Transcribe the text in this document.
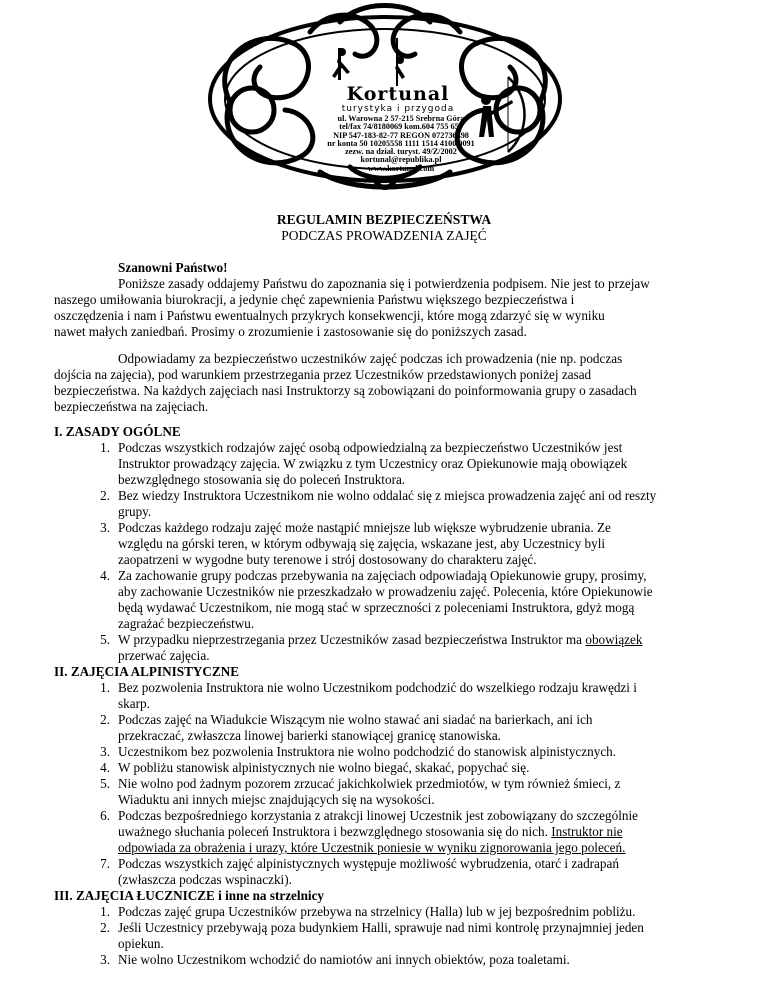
Kortunal
turystyka i przygoda
ul. Warowna 2 57-215 Srebrna Góra
tel/fax 74/8180069 kom.604 755 659
NIP 547-183-82-77 REGON 072736498
nr konta 50 10205558 1111 1514 4100 0091
zezw. na dział. turyst. 49/Z/2002
kortunal@republika.pl
www.kortunal.com
REGULAMIN BEZPIECZEŃSTWA
PODCZAS PROWADZENIA ZAJĘĆ
Szanowni Państwo!
Poniższe zasady oddajemy Państwu do zapoznania się i potwierdzenia podpisem. Nie jest to przejaw
naszego umiłowania biurokracji, a jedynie chęć zapewnienia Państwu większego bezpieczeństwa i
oszczędzenia i nam i Państwu ewentualnych przykrych konsekwencji, które mogą zdarzyć się w wyniku
nawet małych zaniedbań. Prosimy o zrozumienie i zastosowanie się do poniższych zasad.
Odpowiadamy za bezpieczeństwo uczestników zajęć podczas ich prowadzenia (nie np. podczas
dojścia na zajęcia), pod warunkiem przestrzegania przez Uczestników przedstawionych poniżej zasad
bezpieczeństwa. Na każdych zajęciach nasi Instruktorzy są zobowiązani do poinformowania grupy o zasadach
bezpieczeństwa na zajęciach.
I. ZASADY OGÓLNE
1. Podczas wszystkich rodzajów zajęć osobą odpowiedzialną za bezpieczeństwo Uczestników jest
Instruktor prowadzący zajęcia. W związku z tym Uczestnicy oraz Opiekunowie mają obowiązek
bezwzględnego stosowania się do poleceń Instruktora.
2. Bez wiedzy Instruktora Uczestnikom nie wolno oddalać się z miejsca prowadzenia zajęć ani od reszty
grupy.
3. Podczas każdego rodzaju zajęć może nastąpić mniejsze lub większe wybrudzenie ubrania. Ze
względu na górski teren, w którym odbywają się zajęcia, wskazane jest, aby Uczestnicy byli
zaopatrzeni w wygodne buty terenowe i strój dostosowany do charakteru zajęć.
4. Za zachowanie grupy podczas przebywania na zajęciach odpowiadają Opiekunowie grupy, prosimy,
aby zachowanie Uczestników nie przeszkadzało w prowadzeniu zajęć. Polecenia, które Opiekunowie
będą wydawać Uczestnikom, nie mogą stać w sprzeczności z poleceniami Instruktora, gdyż mogą
zagrażać bezpieczeństwu.
5. W przypadku nieprzestrzegania przez Uczestników zasad bezpieczeństwa Instruktor ma obowiązek
przerwać zajęcia.
II. ZAJĘCIA ALPINISTYCZNE
1. Bez pozwolenia Instruktora nie wolno Uczestnikom podchodzić do wszelkiego rodzaju krawędzi i
skarp.
2. Podczas zajęć na Wiadukcie Wiszącym nie wolno stawać ani siadać na barierkach, ani ich
przekraczać, zwłaszcza linowej barierki stanowiącej granicę stanowiska.
3. Uczestnikom bez pozwolenia Instruktora nie wolno podchodzić do stanowisk alpinistycznych.
4. W pobliżu stanowisk alpinistycznych nie wolno biegać, skakać, popychać się.
5. Nie wolno pod żadnym pozorem zrzucać jakichkolwiek przedmiotów, w tym również śmieci, z
Wiaduktu ani innych miejsc znajdujących się na wysokości.
6. Podczas bezpośredniego korzystania z atrakcji linowej Uczestnik jest zobowiązany do szczególnie
uważnego słuchania poleceń Instruktora i bezwzględnego stosowania się do nich. Instruktor nie
odpowiada za obrażenia i urazy, które Uczestnik poniesie w wyniku zignorowania jego poleceń.
7. Podczas wszystkich zajęć alpinistycznych występuje możliwość wybrudzenia, otarć i zadrapań
(zwłaszcza podczas wspinaczki).
III. ZAJĘCIA ŁUCZNICZE i inne na strzelnicy
1. Podczas zajęć grupa Uczestników przebywa na strzelnicy (Halla) lub w jej bezpośrednim pobliżu.
2. Jeśli Uczestnicy przebywają poza budynkiem Halli, sprawuje nad nimi kontrolę przynajmniej jeden
opiekun.
3. Nie wolno Uczestnikom wchodzić do namiotów ani innych obiektów, poza toaletami.
